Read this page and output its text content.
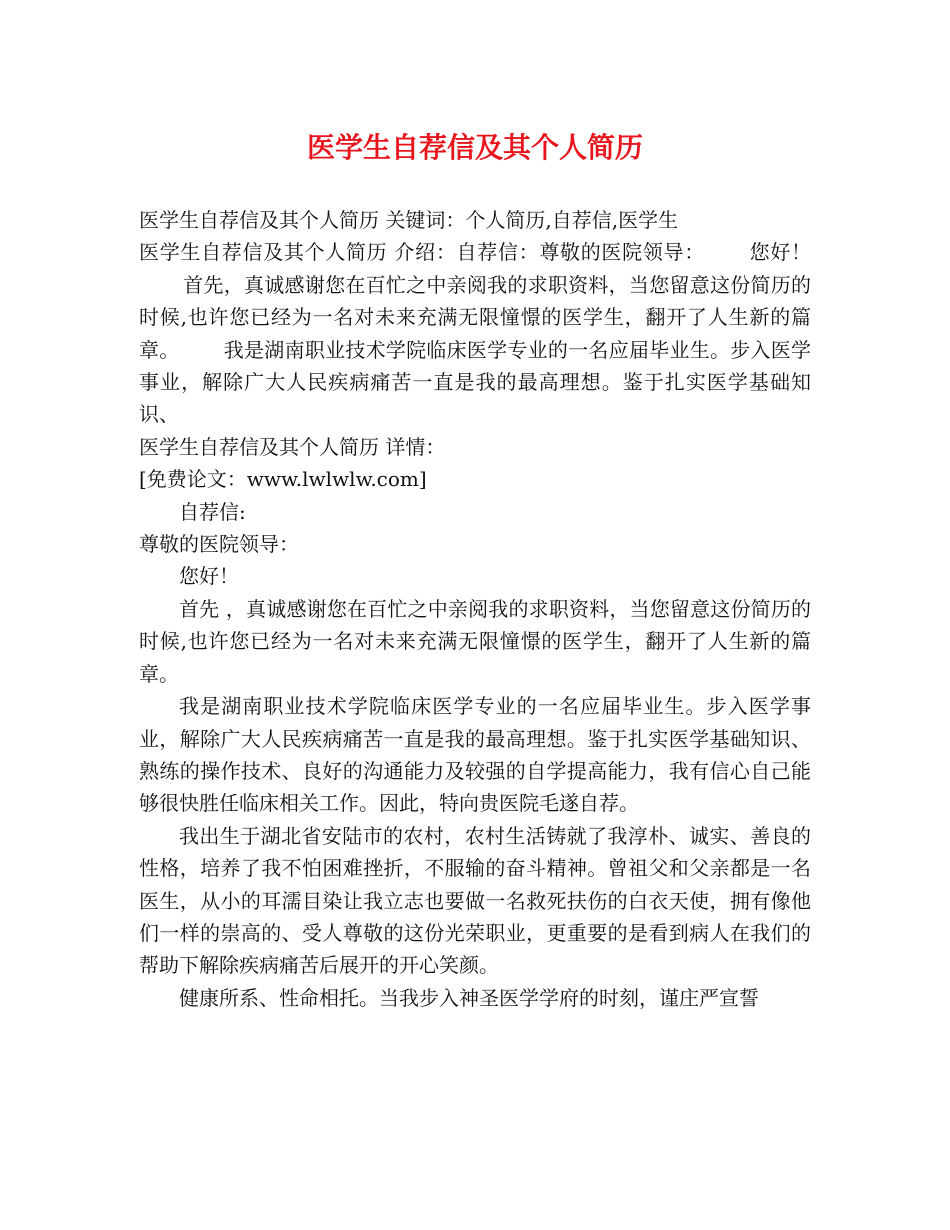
医学生自荐信及其个人简历

医学生自荐信及其个人简历 关键词：个人简历,自荐信,医学生

医学生自荐信及其个人简历 介绍：自荐信：尊敬的医院领导： 您好！首先，真诚感谢您在百忙之中亲阅我的求职资料，当您留意这份简历的时候,也许您已经为一名对未来充满无限憧憬的医学生，翻开了人生新的篇章。 我是湖南职业技术学院临床医学专业的一名应届毕业生。步入医学事业，解除广大人民疾病痛苦一直是我的最高理想。鉴于扎实医学基础知识、

医学生自荐信及其个人简历 详情：

[免费论文：www.lwlwlw.com]

自荐信:

尊敬的医院领导：

您好！

首先 ，真诚感谢您在百忙之中亲阅我的求职资料，当您留意这份简历的时候,也许您已经为一名对未来充满无限憧憬的医学生，翻开了人生新的篇章。

我是湖南职业技术学院临床医学专业的一名应届毕业生。步入医学事业，解除广大人民疾病痛苦一直是我的最高理想。鉴于扎实医学基础知识、熟练的操作技术、良好的沟通能力及较强的自学提高能力，我有信心自己能够很快胜任临床相关工作。因此，特向贵医院毛遂自荐。

我出生于湖北省安陆市的农村，农村生活铸就了我淳朴、诚实、善良的性格，培养了我不怕困难挫折，不服输的奋斗精神。曾祖父和父亲都是一名医生，从小的耳濡目染让我立志也要做一名救死扶伤的白衣天使，拥有像他们一样的崇高的、受人尊敬的这份光荣职业，更重要的是看到病人在我们的帮助下解除疾病痛苦后展开的开心笑颜。

健康所系、性命相托。当我步入神圣医学学府的时刻，谨庄严宣誓
